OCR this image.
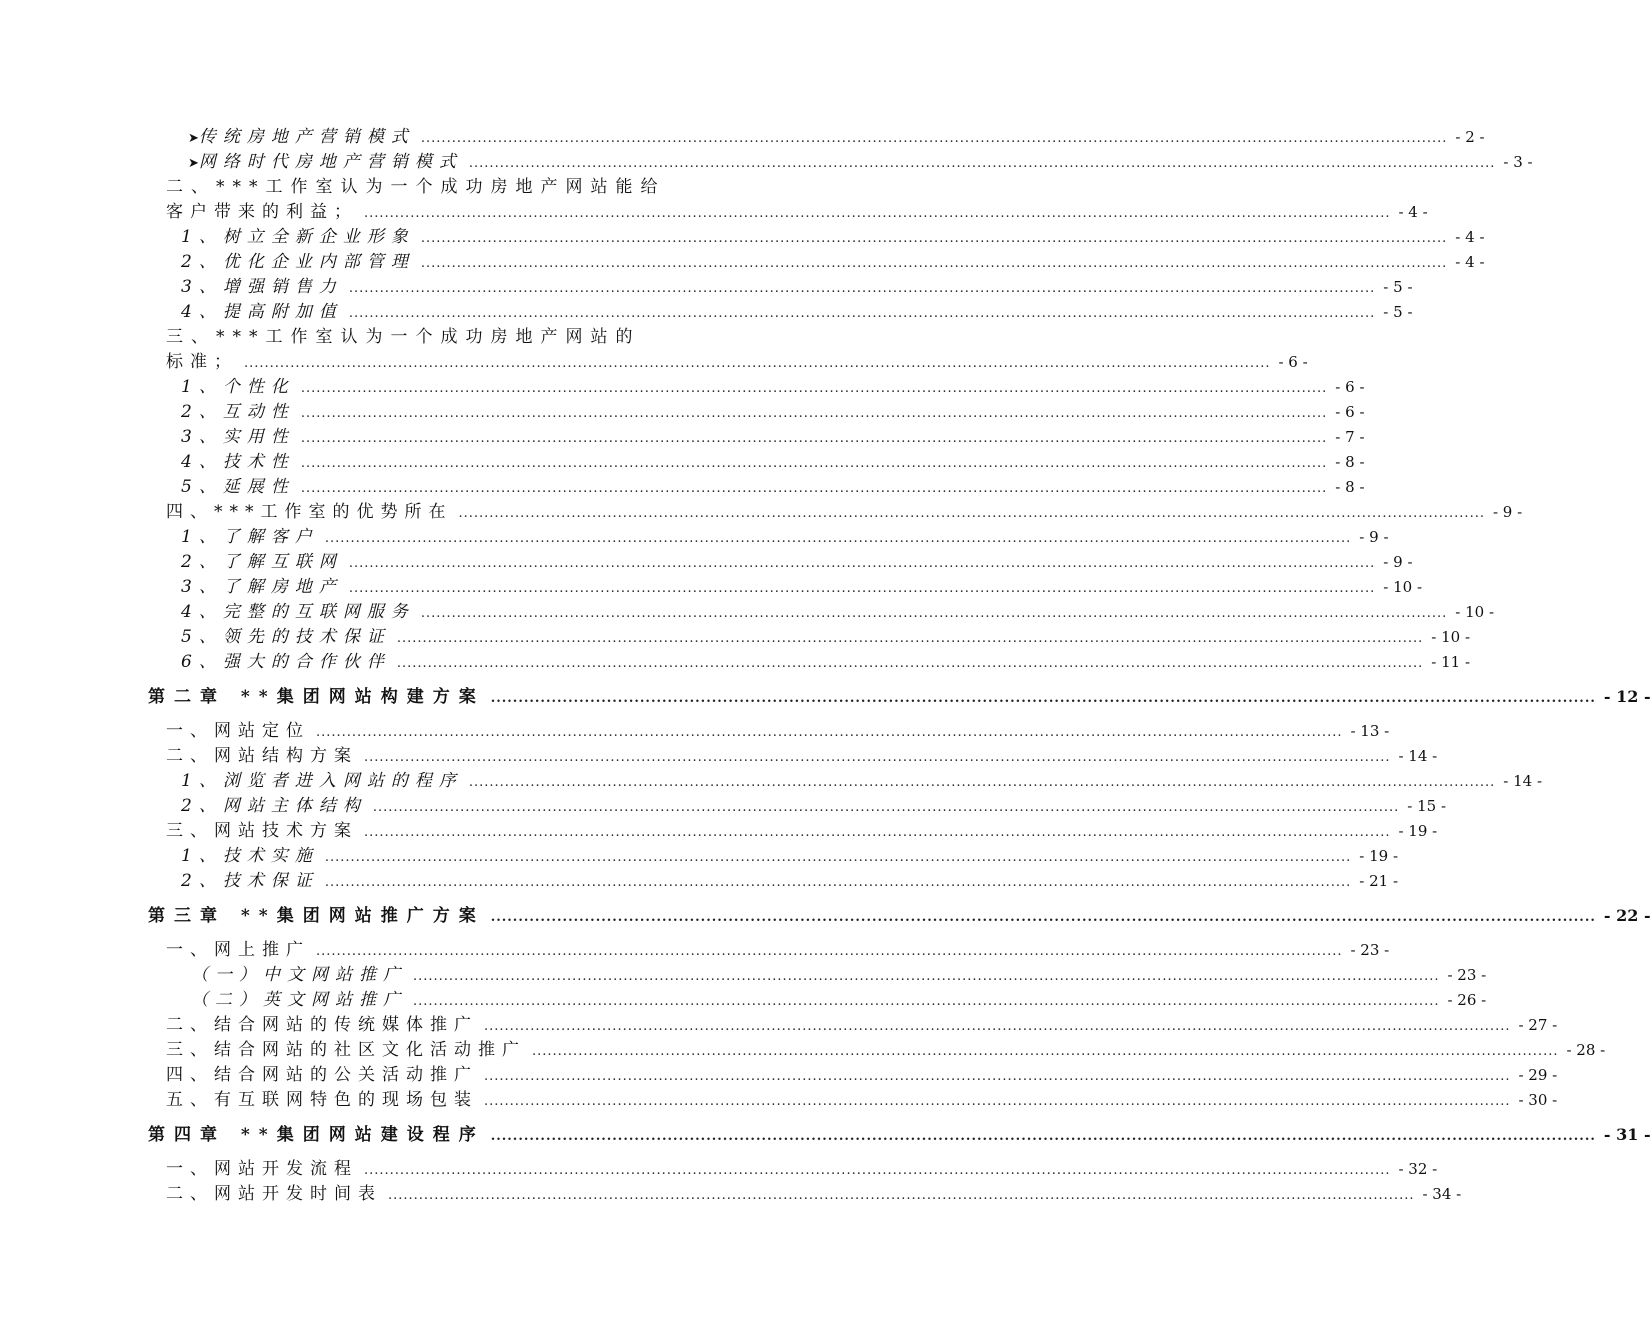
➤ 传统房地产营销模式 ........................................................................................................................................................................................................ - 2 -
➤ 网络时代房地产营销模式 ........................................................................................................................................................................................................ - 3 -
二、***工作室认为一个成功房地产网站能给
客户带来的利益； ........................................................................................................................................................................................................ - 4 -
1、树立全新企业形象 ........................................................................................................................................................................................................ - 4 -
2、优化企业内部管理 ........................................................................................................................................................................................................ - 4 -
3、增强销售力 ........................................................................................................................................................................................................ - 5 -
4、提高附加值 ........................................................................................................................................................................................................ - 5 -
三、***工作室认为一个成功房地产网站的
标准； ........................................................................................................................................................................................................ - 6 -
1、个性化 ........................................................................................................................................................................................................ - 6 -
2、互动性 ........................................................................................................................................................................................................ - 6 -
3、实用性 ........................................................................................................................................................................................................ - 7 -
4、技术性 ........................................................................................................................................................................................................ - 8 -
5、延展性 ........................................................................................................................................................................................................ - 8 -
四、***工作室的优势所在 ........................................................................................................................................................................................................ - 9 -
1、了解客户 ........................................................................................................................................................................................................ - 9 -
2、了解互联网 ........................................................................................................................................................................................................ - 9 -
3、了解房地产 ........................................................................................................................................................................................................ - 10 -
4、完整的互联网服务 ........................................................................................................................................................................................................ - 10 -
5、领先的技术保证 ........................................................................................................................................................................................................ - 10 -
6、强大的合作伙伴 ........................................................................................................................................................................................................ - 11 -
第二章 **集团网站构建方案 ........................................................................................................................................................................................................ - 12 -
一、网站定位 ........................................................................................................................................................................................................ - 13 -
二、网站结构方案 ........................................................................................................................................................................................................ - 14 -
1、浏览者进入网站的程序 ........................................................................................................................................................................................................ - 14 -
2、网站主体结构 ........................................................................................................................................................................................................ - 15 -
三、网站技术方案 ........................................................................................................................................................................................................ - 19 -
1、技术实施 ........................................................................................................................................................................................................ - 19 -
2、技术保证 ........................................................................................................................................................................................................ - 21 -
第三章 **集团网站推广方案 ........................................................................................................................................................................................................ - 22 -
一、网上推广 ........................................................................................................................................................................................................ - 23 -
（一）中文网站推广 ........................................................................................................................................................................................................ - 23 -
（二）英文网站推广 ........................................................................................................................................................................................................ - 26 -
二、结合网站的传统媒体推广 ........................................................................................................................................................................................................ - 27 -
三、结合网站的社区文化活动推广 ........................................................................................................................................................................................................ - 28 -
四、结合网站的公关活动推广 ........................................................................................................................................................................................................ - 29 -
五、有互联网特色的现场包装 ........................................................................................................................................................................................................ - 30 -
第四章 **集团网站建设程序 ........................................................................................................................................................................................................ - 31 -
一、网站开发流程 ........................................................................................................................................................................................................ - 32 -
二、网站开发时间表 ........................................................................................................................................................................................................ - 34 -
